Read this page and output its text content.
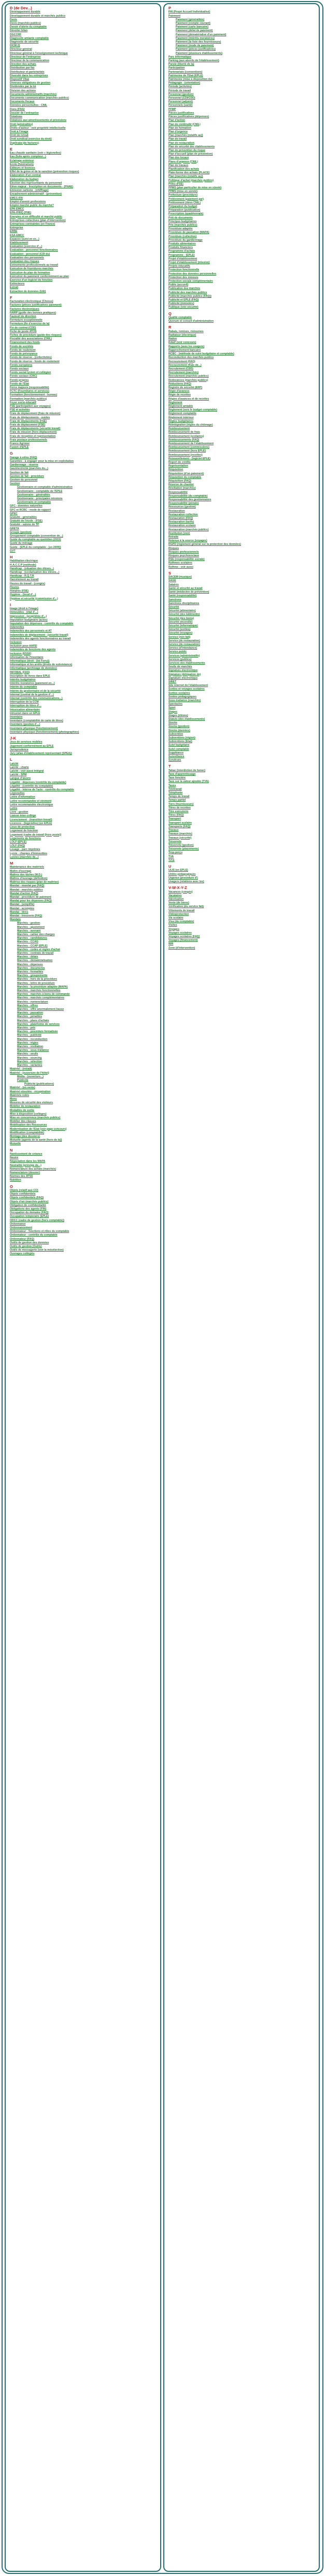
D (de Dev...)
Développement durable
Développement durable et marchés publics
Devis
Devis (marchés publics)
Devoir d'alerte du comptable
Dévoiler bilan
DGCCRF
Diagnostic amiante comptable
Diagnostic de sécurité
DICM (I)
Directeur général
Directeur général à l'enseignement technique
Directeur de l'entreprise
Directeur de la communication
Direction des achats
Distribution par fax
Distributeur et partenariats
Diversité dans les entreprises
Dispositif Vitae
Diverses obligations de gestion
Dividendes par la loi
Division des actions
Documents administratifs (marchés)
Documents communication (marchés publics)
Documents fiscaux
Données personnelles - CNIL
Dons (FSG)
Dossier de l'entreprise
Dotations
Dotations aux amortissements et provisions
Droit (généralités)
Droits d'auteur : voir propriété intellectuelle
Droit à l'image
Droit de retrait
Droit syndical (exercice du droit)
Duplicata (de factures)
E
Eau chaude sanitaire (voir « légionelles)
Eau (fuite après compteur...)
Éclairage extérieur
École (funérarium)
Éditeurs et licences
Effet de la grève et de la sanction (prévention risques)
Élaboration d'un contrat
Élaboration du budget
Élection des représentants du personnel
Élève majeur - Inscription en documents - (FNAE)
Émission carbone - (chiffrage)
Encadrement administratif - (prévention)
EMCC-IFA
Emploi d'avenir professions
Emploi marché public du marché?
EPA-EMCC
EPA-IFRIQ (FNE)
Énergies et en difficulté et marché public
Entreprises collectives (plan d'intervention)
Entreprises contraintes (en France)
Entreprise
ERBE
ESA-EMCC
Espaces (suivi en ex...)
Établissement
Évaluation (exercice d'...)
Évaluation - personnel fonctionnaires
Évaluation - personnel (CDI du)
Évaluation des personnels
Évaluation des risques
Événements professionnels au travail
Exécution de fournitures marchés
Exécution du plan de formation
Exécution du paiement conformément au plan
Exercice d'un logiciel de fonction
Extincteurs
Extrait
Extraction de données (UAI)
F
Facturation électronique (Chorus)
Factures (pièces justificatives paiement)
Factures électroniques
FAIRP (guide des bonnes pratiques)
Fauteuil de direction
Fermeture exceptionnelle
Fermeture (fin d'exercice de la)
Fin de contrat (CDD)
Fiche de poste ATOS
Fiches de procédure (guide des risques)
Fiscalité des associations (CNIL)
Financement des fonds
Fonds de sociétés
Fonds de roulement
Fonds de prévoyance
Fonds de réserve - (collectivités)
Fonds de réserve - fonds de roulement
Fonds européens
Fonds sociaux
Fonds social lycéen et collégien
Fonds sociaux (CRC)
Fonds propres
Fonds de l'État
Force majeure (responsabilité)
FCTC (Fournitures et services)
Formation (fonctionnement - bureau)
Formation (marchés publics)
Foyer socio-éducatif
FSE (participation aux voyages)
FSE et activités
Frais de déplacement (frais de mission)
Frais de déplacements - guides
Frais de déplacements (FSE)
Frais de déplacement (FSE)
Frais de déplacements (sécurité travail)
Frais de mission (hors déplacement)
Frais de réception et représentation
Frais postaux professionnels
France Agrimer
Fusion d'EPLE
G
Garage à vélos (FAQ)
Garanties - à engager pour la mise en exploitation
Gardiennage - réserve
Gas/électricité (marchés du...)
Gestion de fait
Gestion de fait - procédure
Gestion du personnel
Gestion
Gestionnaire et comptable d'administration
Gestionnaire - comptable de l'EPLE
Gestionnaire - généralités
Gestionnaire - principales missions
Gestionnaire et comptable
GFC - données naturelles
GFC et RCBC - mode de rapport
GPEC
Gratuité - généralités
Gratuité de l'école - (FSE)
Gratuité - salons de TP
GRETA
Groupe (gestion)
Groupement comptable (convention de...)
Guide du comptable au quotidien (2015)
Guide du ménage
Guide - (EPLE du comptable - (en 2009))
GVT
H
Habilitation électrique
H.A.C.C.P (méthode)
Handicap - (situation des élèves...)
Handicap - (scolarisation des élèves...)
Handicap - R.Q.T.H
Harcèlement au travail
Heures de travail - (congés)
Heures
Horaires (FSE)
Hygiène - (local d'...)
Hygiène et sécurité (commission d'...)
I
Image (droit à l'image)
Immeubles - (état d'...)
Impression - (propriétés d'...)
Imputation budgétaire (actes)
Imputation des dépenses - contrôle du comptable
Indemnités
Indemnités des personnels et AT
Indemnités de déplacement - (sécurité travail)
Indemnités des agents fonctionnaires au travail
Inclusion
Inclusion pour AAFEI
Indemnités de fonctions des agents
Inclusion (ESSE)
Information de l'Inventaire
Informatique (droit - (loi Ferry))
Informatique et les arrêts (droits de subsistance)
Informatique (archivage de données)
INFOBAL (FAQ)
Inscription de livres dans EPLE
Intérêts budgétaires
Intérêts moratoires (paiement en...)
Intérim du comptable
Intérim du gestionnaire et de la sécurité
Internat (contrat de la gestion d'...)
Internat (contrôle des communications...)
Interruption de la CCM
Interruption de titres d'...
Intoxication alimentaire
Intrusion dans un EPLE
Inventaire
Inventaire (comptabilité de carte de titres)
Inventaire (gestion d'...)
Inventaire physique (fonctionnement)
Inventaire physique (fonctionnement) (photographies)
J-K
Jeux de services mobiles
Jugement conformément au EPLE
Jurisprudence
Jury (alias d'établissement représentant (SPEA))
L
Laïcité
Laïcité - charte
Laïcité - voir aussi intégral
Laïcité - SPM
Langue d'œuvre
Légalité - dépenses (contrôle du comptable)
Légalité - (contrôle du comptable)
Légalité - interne de l'acte - contrôle du comptable
Légionelles
Lettre d'information
Lettre recommandée et virement
Lettre recommandée électronique
Lettre
Livre - gestion
Liaison inter-collège
Licenciement - (transition travail)
Licences - (logicielles) (en EPLE)
Lieux de protection
Logement de fonction
Logement (cadre de travail (hors poste))
Logements de fonctions
LOLF (EPLE)
LOLF (FAQ)
Louage - parc imprimés
Lycée - charges d'immeubles
Lycées (marchés de...)
M
Maintenance des matériels
Maître d'ouvrage
Maîtres des tâches (M.D.)
Maîtres d'ouvrage (définition)
Maîtrise des risques (plan de maîtrise)
Mandat - mandat par (FAQ)
Mandat - marchés publics
Mandat d'action (FAQ)
Mandat - procédure de paiement
Mandat pour les dépenses (FAQ)
Mandat - (simplifié)
Mandat - acomptes
Mandat - titres
Mandat - tresorerie (FAQ)
Mandats
Marchés - gestion
Marchés - ajustement
Marchés - avenant
Marchés - cahier des charges
Marchés - candidatures
Marchés - CCAG
Marchés - CCAP (EPLE)
Marchés - codes et règles d'achat
Marchés - contrats de travail
Marchés - délais
Marchés - dématérialisation
Marchés - dépenses
Marchés - documents
Marchés - formalités
Marchés - groupements
Marchés - hors de la procédure
Marchés - lettre de procédure
Marchés - la procédure adaptée (MAPA)
Marchés - marchés fonctionnelles
Marchés - marchés à bons de commande
Marchés - marchés complémentaires
Marchés - nomenclature
Marchés - offres
Marchés - offre anormalement basse
Marchés - passation
Marchés - pénalités
Marchés - plans d'achats
Marchés - plateforme de services
Marchés - prix
Marchés - procédure formalisée
Marchés - publicité
Marchés - reconduction
Marchés - régies
Marchés - résiliation
Marchés - sous-traitance
Marchés - seuils
Marchés - sourcing
Marchés - sélection
Marchés - variantes
Matériel - (retrait)
Matériel - (ouverture de l'hôtel)
Média - (ouverture...)
Publicité
Publicité (publications)
Matériel - (en vente)
Matériel obsolète - récupération
Matériels volés
Menu
Mesures de sécurité des visiteurs
Mobilier de restauration
Modalités de sortie
Mise à disposition (collèges)
Mise en concurrence (marchés publics)
Mobilier des classes
Mobilisation des Ressources
Modernisation de l'État (voir page concours)
Modification (comptabilité)
Montage (des dossiers)
Mutuelle (agents de la santé (hors de la))
Mutuelle
N
Nantissement de créance
Neutre
Négociation dans les MAPA
Neutralité (principe de...)
Nomenclature des achats (marchés)
Nomenclature (dossier)
Normes des ATSS
Nutrition
O
Objets (relatif aux CO)
Objets confidentiels
Objets confidentiels (FAQ)
Objets d'art (marchés publics)
Obligation de confidentialité
Obligations des agents (FIN)
Occupation du domaine (FAQ)
Occupation temporaire (EPLE)
ODCC (cadre de gestion (hors comptable))
Ordonnance
Ordonnancement
Ordonnateur - fonctions et rôles du comptable
Ordonnateur - contrôle du comptable
Ordonnateur (FAQ)
Outils de gestion des données
Outils de gestion (Outils)
Outils de messagerie (voir la mésélection)
Ouvrages collégiés
P
PAI (Projet Accueil Individualisé)
Paiement
Paiement (généralités)
Paiement (compte courant)
Paiement (carte bancaire)
Paiement (délai de paiement)
Paiement (dématérialisé d'un paiement)
Paiement (intérêts moratoires)
Paiement (la liste des fournisseurs)
Paiement (mode de paiement)
Paiement (pièces justificatives)
Paiement (plusieurs établissements)
Parc informatique
Parking (aux abords de l'établissement)
Parole (liberté de la)
Participation
Partenariats (conventions)
Patrimoine de l'État (EPLE)
Patrimoine (mise à disposition de)
Pédagogie - (orientation)
Période (activités)
Période de travail
Personnel (gestion)
Personnel (CDI/CDD)
Personnel (adjoint)
Personnels (santé)
PFMP
Pièces justificatives
Pièces justificatives (dépenses)
Plan d'action
Plan de continuité (CNIL)
Plan de formation
Plan d'urgence
Plan (marchés (relatifs au))
Plan de travail
Plan de restauration
Plan de sécurité des établissements
Plan de prévention du risque
Plan d'accueil (plan de prévention)
Plan des locaux
Plans d'urgence (CNIL)
Plan de travaux
Planification des achats
Plate-forme des achats (PLACE)
Plan (marchés (relatifs au))
Politique d'achat (marchés publics)
Pôles (FSE)
PPMS (plan particulier de mise en sûreté)
PPMS (mise en sûreté)
Préfecture (procédure)
Prélèvement (paiement par)
Prélèvement (titres CNIL)
Préparation du budget
Préparation (publication)
Prescription (quadriennale)
Prêt de documents
Principes budgétaires
Prix (marchés publics)
Procédure adaptée
Procédure de passation (MAPA)
Procédure (collective)
Procédure du gardiennage
Produits alimentaires
Produits financiers
Programme d'achats
Programme - (EPLE)
Projet d'établissement
Projet d'établissement (mission)
Projets éducatifs
Protection fonctionnelle
Protection des données personnelles
Protection des mineurs
Protection sociale complémentaire
Public (accueil)
Publication des marchés
Publicité des marchés publics
Publicité (marchés publics (FAQ))
Publicité et EPLE (FAQ)
Publicité (ministère)
Publique (voir sécurité)
Q
Qualité comptable
Quorum et conseil d'administration
R
Rabais, remises, ristournes
Radiateur (électrique)
Radon
RAEP (voir concours)
Rapports (avec les usagers)
Rapprochement bancaire
RCBC - (méthode de suivi budgétaire et comptable)
Reconduction des marchés publics
Recouvrement (FAQ)
Recouvrement (frais de...)
Recrutement (CDD)
Recrutement (marchés)
Recrutement (marchés publics)
Redevances (marchés publics)
Réductions (FAQ)
Registre de sécurité (ERP)
Régie d'avances
Régie de recettes
Régies d'avances et de recettes
Règlement
Règlement amiable
Règlement (vers le budget comptable)
Règlement comptable
Règlement intérieur
Règles budgétaires
Réintégration (règles du chômage)
Remboursement
Remboursement de frais
Remboursement (scolaires)
Remboursements (FAQ)
Remboursement de l'établissement
Remboursement (commissions)
Remboursement (hors EPLE)
Remboursement (recettes)
Renouvellement - (logiciel EPLE)
Report de crédits
Représentation
Réquisition
Réquisition (d'un paiement)
Réquisition du comptable
Réquisition (FAQ)
Réserve de chantier
Résiliation (marchés)
Responsabilité
Responsabilité (du comptable)
Responsabilité des gestionnaires
Responsabilité (pénale)
Ressources (gestion)
Restauration
Restauration collective
Restauration (FAQ)
Restauration (tarifs)
Restauration scolaire
Restauration (marchés publics)
Restitution (voir)
Retraite
Retenue à la source (voyages)
RGPD (règlement général sur la protection des données)
Risques
Risques professionnels
Risques psychosociaux
RSE (responsabilité sociale)
Rythmes scolaires
Rythme - voir aussi
S
SACEM (musique)
SAGE
Salaires
Santé et sécurité au travail
Santé (médecine de prévention)
Santé (responsabilité)
Sanctions
Sanctions disciplinaires
Sécurité
Sécurité (alimentaire)
Sécurité (des bâtiments)
Sécurité (des biens)
Sécurité (incendie)
Sécurité (informatique)
Sécurité (sorties)
Sécurité (voyages)
Service (non fait)
Service (de restauration)
Service (de restauration)
Service (d'intendance)
Service public
Services (administratifs)
Services (publics)
Services des établissements
Seuils de marchés
Signature électronique
Signature (délégation de)
Signature électronique
SIRET
Site internet de l'établissement
Sorties et voyages scolaires
Sorties scolaires
Sorties pédagogiques
Sous-traitance (marchés)
Spectacles
Sport
Stages
Stages (élèves)
Statuts (des établissements)
Stocks
Stocks (gestion)
Stocks (denrées)
Subvention
Subventions (région)
Subventions (État)
Suivi budgétaire
Suivi comptable
Suppléance
Surveillance
Syndicats
T
Tabac (interdiction de fumer)
Taxe d'apprentissage
Taxe foncière
Taxe sur la valeur ajoutée (TVA)
Taxes
Télétravail
Téléphonie
Temps de travail
Temps partiel
Tiers (fournisseurs)
Titres de recettes
Titre exécutoire
Titres (FAQ)
Transport
Transport scolaire
Transports (FAQ)
Travaux
Travaux (marchés)
Travaux (sécurité)
Trésorerie
Trésorerie (gestion)
Trésorerie (placements)
Trop-perçu
TVA
T.P.E
U
ULIS (en EPLE)
Unités pédagogiques
Urgence (procédure d')
Usagers (relations avec les)
V-W-X-Y-Z
Vacances (congés)
Vacataires
Valorisation
Vente (de biens)
Vérification (du service fait)
Vêtements de travail
Vidéoprotection
Vie scolaire
Visa (du comptable)
Visites
Voyages
Voyages scolaires
Voyages scolaires (FAQ)
Voyages (financement)
Wifi
Zone (d'intervention)
